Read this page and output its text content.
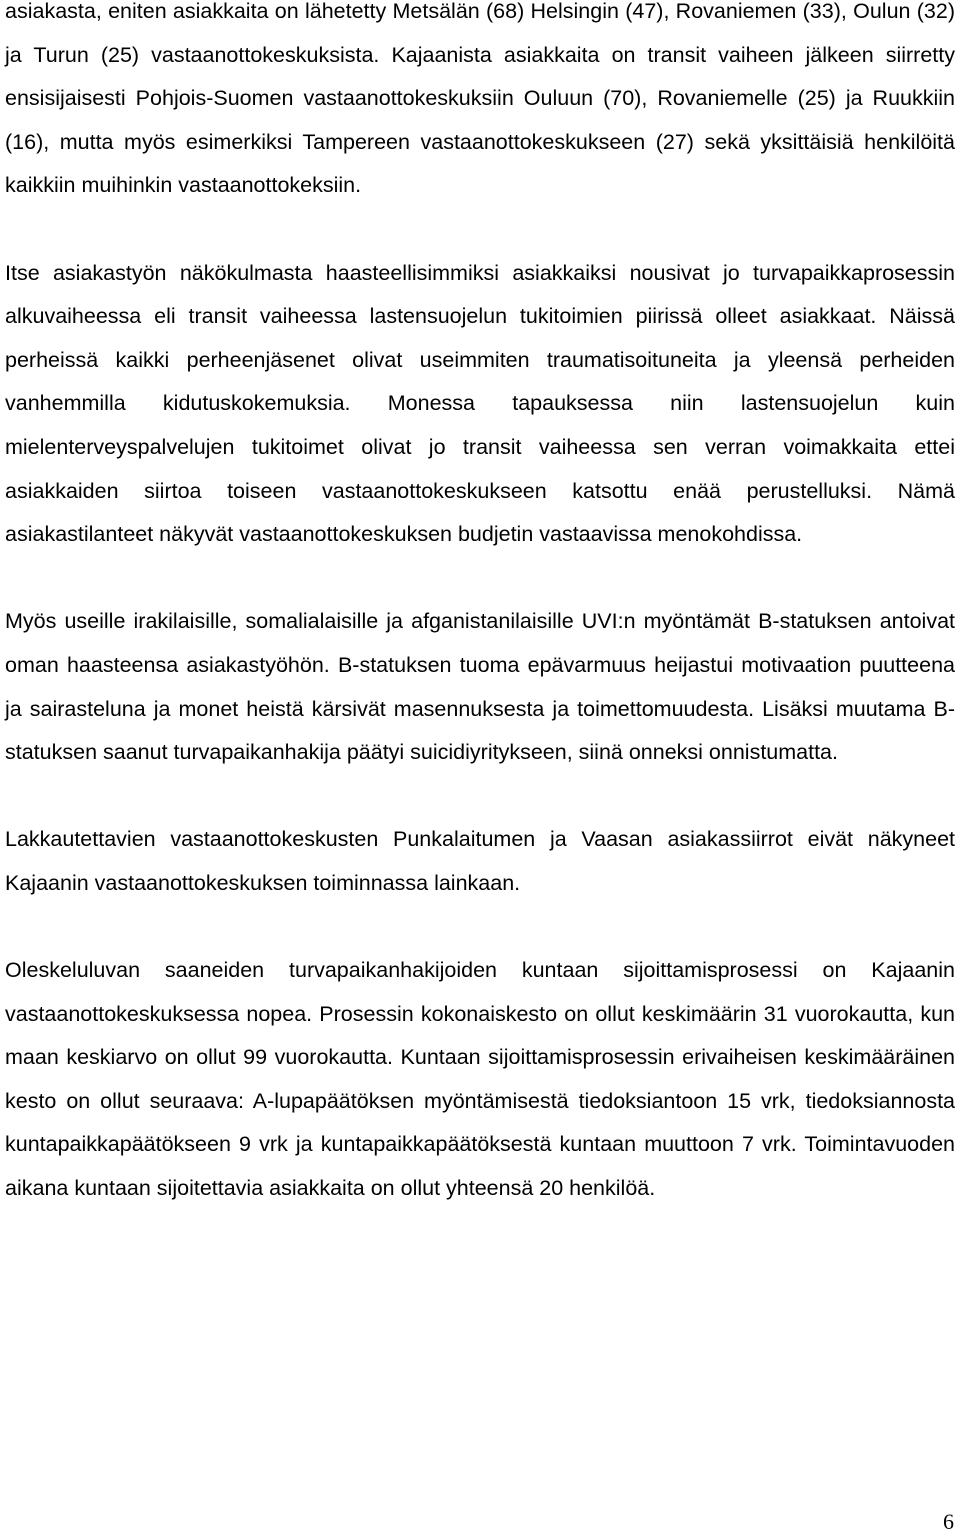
asiakasta, eniten asiakkaita on lähetetty Metsälän (68) Helsingin (47), Rovaniemen (33), Oulun (32) ja Turun (25) vastaanottokeskuksista. Kajaanista asiakkaita on transit vaiheen jälkeen siirretty ensisijaisesti Pohjois-Suomen vastaanottokeskuksiin Ouluun (70), Rovaniemelle (25) ja Ruukkiin (16), mutta myös esimerkiksi Tampereen vastaanottokeskukseen (27) sekä yksittäisiä henkilöitä kaikkiin muihinkin vastaanottokeksiin.

Itse asiakastyön näkökulmasta haasteellisimmiksi asiakkaiksi nousivat jo turvapaikkaprosessin alkuvaiheessa eli transit vaiheessa lastensuojelun tukitoimien piirissä olleet asiakkaat. Näissä perheissä kaikki perheenjäsenet olivat useimmiten traumatisoituneita ja yleensä perheiden vanhemmilla kidutuskokemuksia. Monessa tapauksessa niin lastensuojelun kuin mielenterveyspalvelujen tukitoimet olivat jo transit vaiheessa sen verran voimakkaita ettei asiakkaiden siirtoa toiseen vastaanottokeskukseen katsottu enää perustelluksi. Nämä asiakastilanteet näkyvät vastaanottokeskuksen budjetin vastaavissa menokohdissa.

Myös useille irakilaisille, somalialaisille ja afganistanilaisille UVI:n myöntämät B-statuksen antoivat oman haasteensa asiakastyöhön. B-statuksen tuoma epävarmuus heijastui motivaation puutteena ja sairasteluna ja monet heistä kärsivät masennuksesta ja toimettomuudesta. Lisäksi muutama B-statuksen saanut turvapaikanhakija päätyi suicidiyritykseen, siinä onneksi onnistumatta.

Lakkautettavien vastaanottokeskusten Punkalaitumen ja Vaasan asiakassiirrot eivät näkyneet Kajaanin vastaanottokeskuksen toiminnassa lainkaan.

Oleskeluluvan saaneiden turvapaikanhakijoiden kuntaan sijoittamisprosessi on Kajaanin vastaanottokeskuksessa nopea. Prosessin kokonaiskesto on ollut keskimäärin 31 vuorokautta, kun maan keskiarvo on ollut 99 vuorokautta. Kuntaan sijoittamisprosessin erivaiheisen keskimääräinen kesto on ollut seuraava: A-lupapäätöksen myöntämisestä tiedoksiantoon 15 vrk, tiedoksiannosta kuntapaikkapäätökseen 9 vrk ja kuntapaikkapäätöksestä kuntaan muuttoon 7 vrk. Toimintavuoden aikana kuntaan sijoitettavia asiakkaita on ollut yhteensä 20 henkilöä.

6
